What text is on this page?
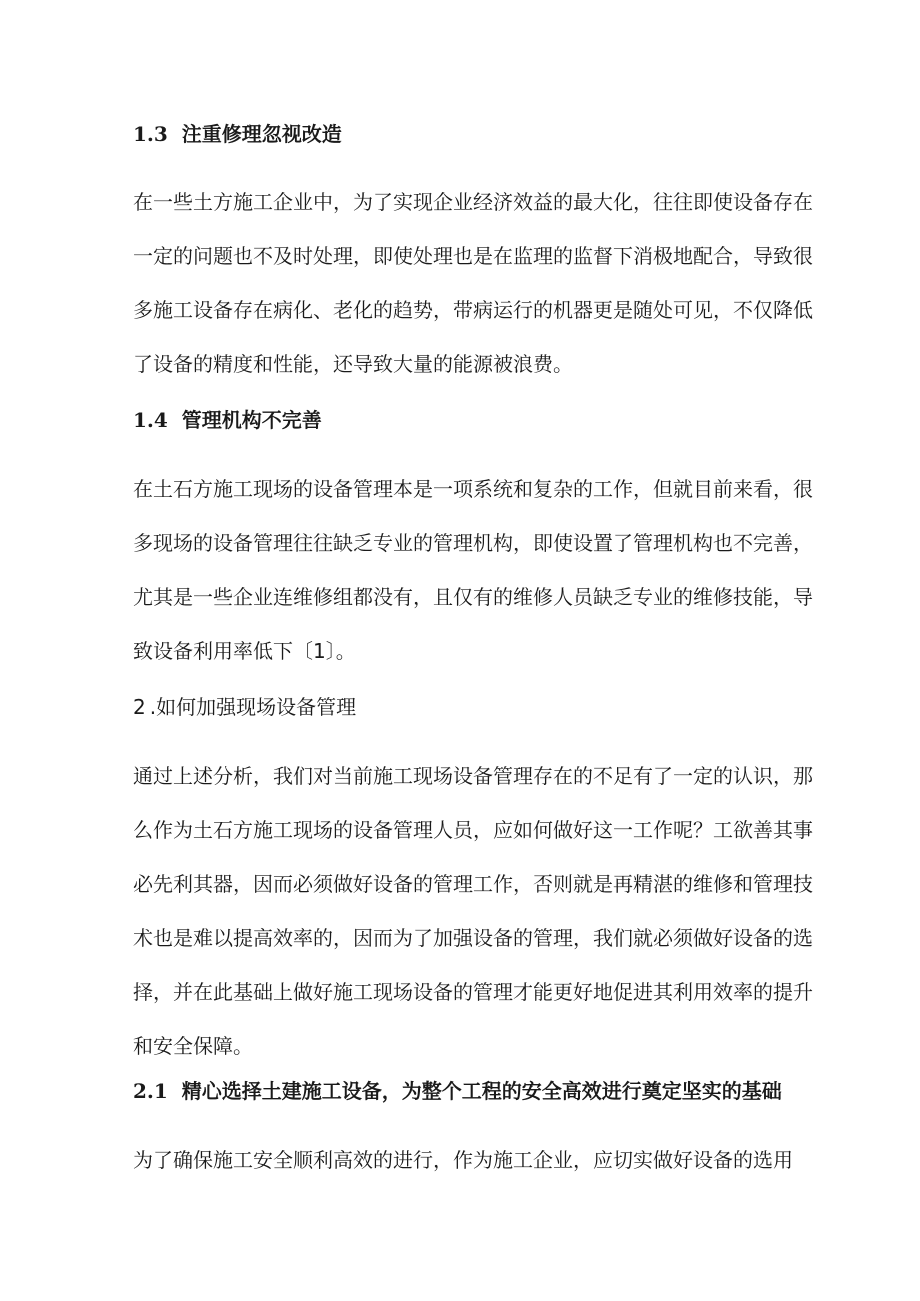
1.3 注重修理忽视改造

在一些土方施工企业中，为了实现企业经济效益的最大化，往往即使设备存在一定的问题也不及时处理，即使处理也是在监理的监督下消极地配合，导致很多施工设备存在病化、老化的趋势，带病运行的机器更是随处可见，不仅降低了设备的精度和性能，还导致大量的能源被浪费。

1.4 管理机构不完善

在土石方施工现场的设备管理本是一项系统和复杂的工作，但就目前来看，很多现场的设备管理往往缺乏专业的管理机构，即使设置了管理机构也不完善，尤其是一些企业连维修组都没有，且仅有的维修人员缺乏专业的维修技能，导致设备利用率低下〔1〕。

2 .如何加强现场设备管理

通过上述分析，我们对当前施工现场设备管理存在的不足有了一定的认识，那么作为土石方施工现场的设备管理人员，应如何做好这一工作呢？工欲善其事必先利其器，因而必须做好设备的管理工作，否则就是再精湛的维修和管理技术也是难以提高效率的，因而为了加强设备的管理，我们就必须做好设备的选择，并在此基础上做好施工现场设备的管理才能更好地促进其利用效率的提升和安全保障。

2.1 精心选择土建施工设备，为整个工程的安全高效进行奠定坚实的基础

为了确保施工安全顺利高效的进行，作为施工企业，应切实做好设备的选用
